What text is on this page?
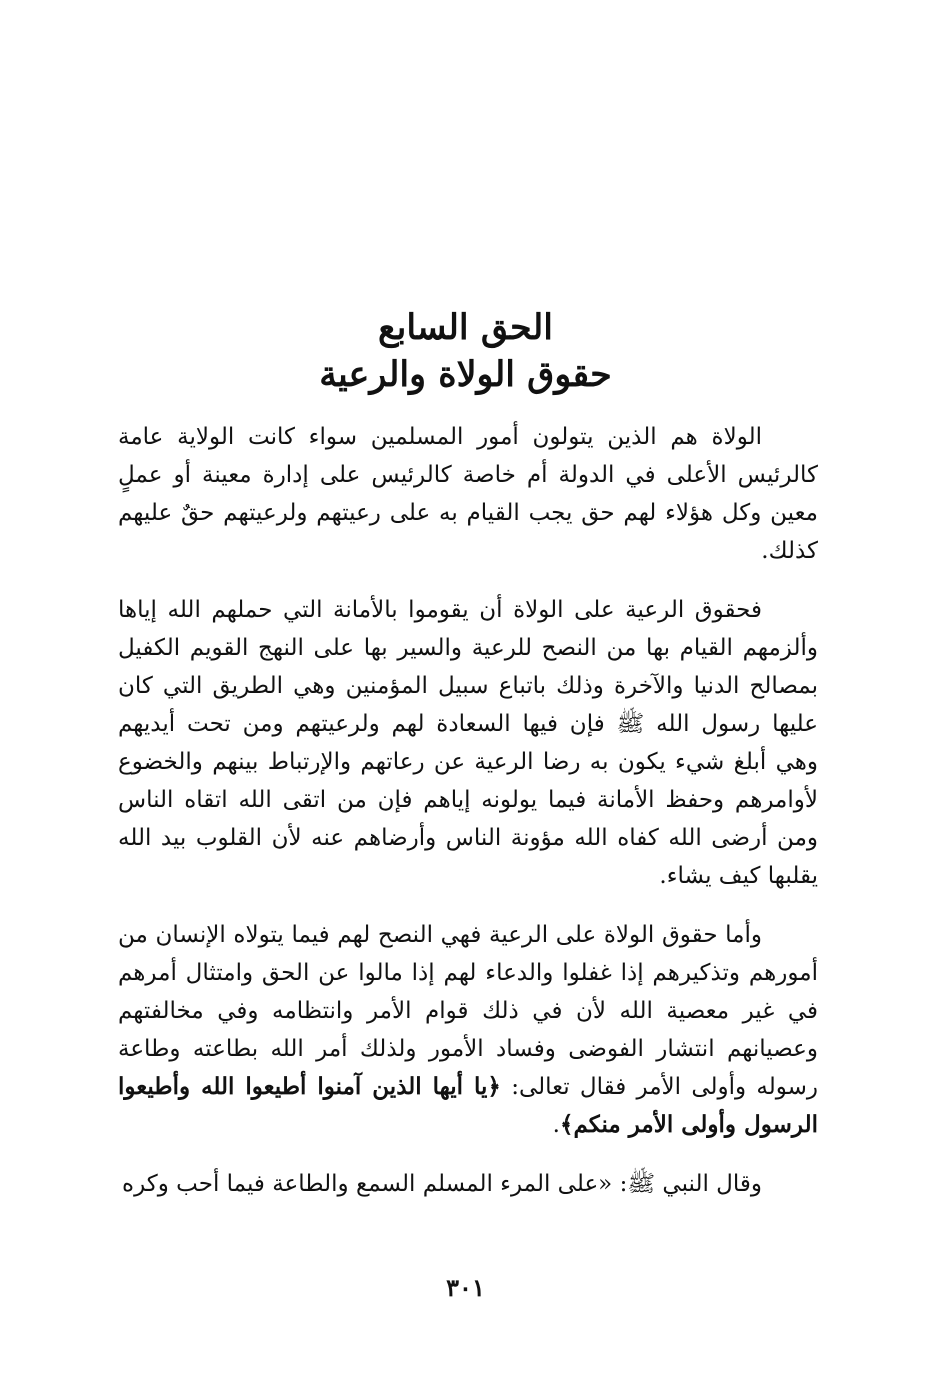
الحق السابع
حقوق الولاة والرعية

الولاة هم الذين يتولون أمور المسلمين سواء كانت الولاية عامة كالرئيس الأعلى في الدولة أم خاصة كالرئيس على إدارة معينة أو عملٍ معين وكل هؤلاء لهم حق يجب القيام به على رعيتهم ولرعيتهم حقٌ عليهم كذلك.

فحقوق الرعية على الولاة أن يقوموا بالأمانة التي حملهم الله إياها وألزمهم القيام بها من النصح للرعية والسير بها على النهج القويم الكفيل بمصالح الدنيا والآخرة وذلك باتباع سبيل المؤمنين وهي الطريق التي كان عليها رسول الله ﷺ فإن فيها السعادة لهم ولرعيتهم ومن تحت أيديهم وهي أبلغ شيء يكون به رضا الرعية عن رعاتهم والإرتباط بينهم والخضوع لأوامرهم وحفظ الأمانة فيما يولونه إياهم فإن من اتقى الله اتقاه الناس ومن أرضى الله كفاه الله مؤونة الناس وأرضاهم عنه لأن القلوب بيد الله يقلبها كيف يشاء.

وأما حقوق الولاة على الرعية فهي النصح لهم فيما يتولاه الإنسان من أمورهم وتذكيرهم إذا غفلوا والدعاء لهم إذا مالوا عن الحق وامتثال أمرهم في غير معصية الله لأن في ذلك قوام الأمر وانتظامه وفي مخالفتهم وعصيانهم انتشار الفوضى وفساد الأمور ولذلك أمر الله بطاعته وطاعة رسوله وأولى الأمر فقال تعالى: ﴿يا أيها الذين آمنوا أطيعوا الله وأطيعوا الرسول وأولى الأمر منكم﴾.

وقال النبي ﷺ: «على المرء المسلم السمع والطاعة فيما أحب وكره

٣٠١
